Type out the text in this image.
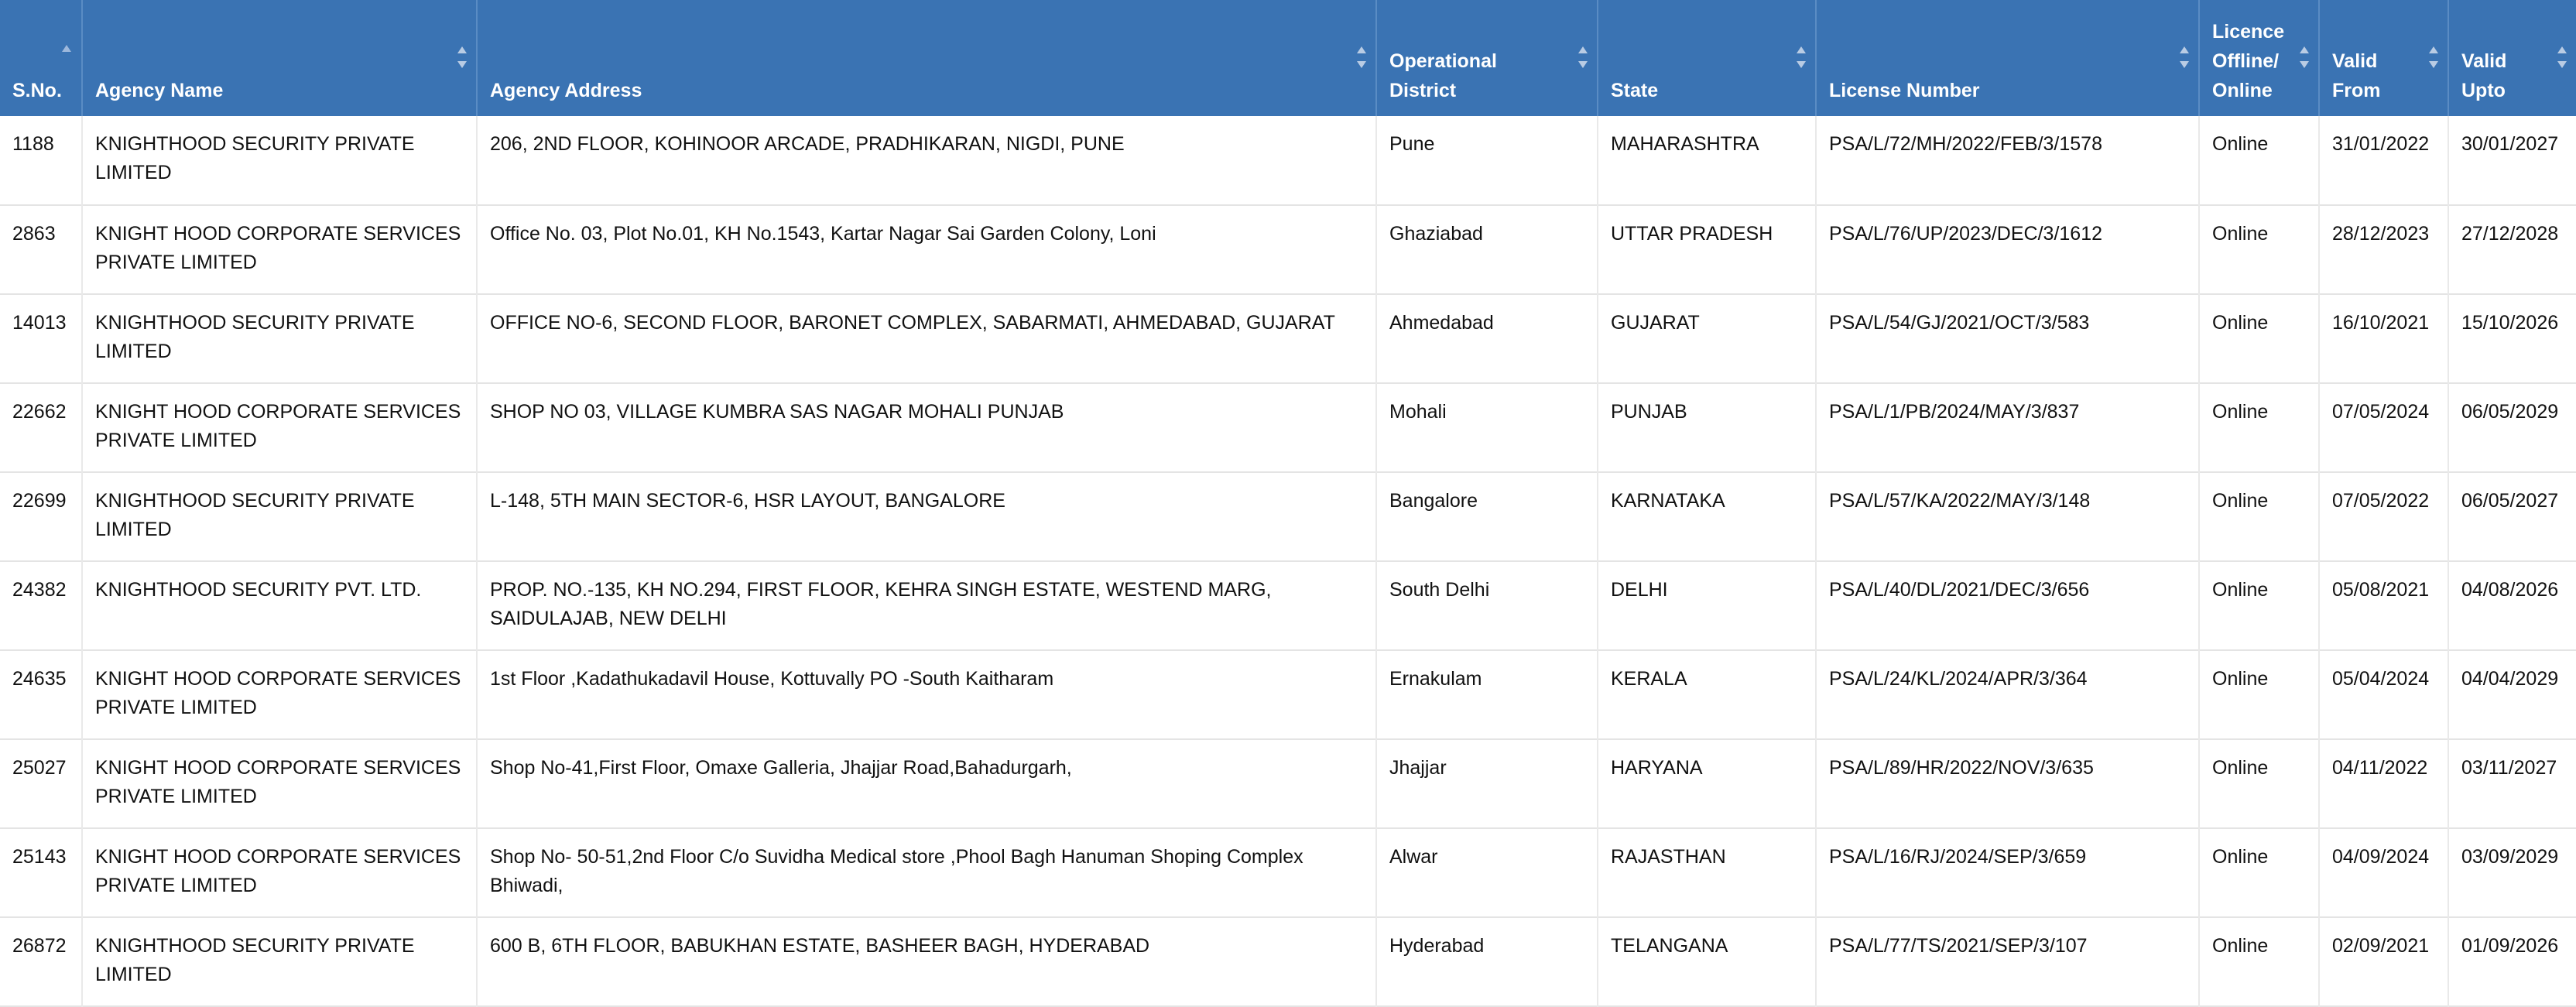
S.No.	Agency Name	Agency Address	Operational District	State	License Number	Licence Offline/ Online	Valid From	Valid Upto

1188	KNIGHTHOOD SECURITY PRIVATE LIMITED	206, 2ND FLOOR, KOHINOOR ARCADE, PRADHIKARAN, NIGDI, PUNE	Pune	MAHARASHTRA	PSA/L/72/MH/2022/FEB/3/1578	Online	31/01/2022	30/01/2027
2863	KNIGHT HOOD CORPORATE SERVICES PRIVATE LIMITED	Office No. 03, Plot No.01, KH No.1543, Kartar Nagar Sai Garden Colony, Loni	Ghaziabad	UTTAR PRADESH	PSA/L/76/UP/2023/DEC/3/1612	Online	28/12/2023	27/12/2028
14013	KNIGHTHOOD SECURITY PRIVATE LIMITED	OFFICE NO-6, SECOND FLOOR, BARONET COMPLEX, SABARMATI, AHMEDABAD, GUJARAT	Ahmedabad	GUJARAT	PSA/L/54/GJ/2021/OCT/3/583	Online	16/10/2021	15/10/2026
22662	KNIGHT HOOD CORPORATE SERVICES PRIVATE LIMITED	SHOP NO 03, VILLAGE KUMBRA SAS NAGAR MOHALI PUNJAB	Mohali	PUNJAB	PSA/L/1/PB/2024/MAY/3/837	Online	07/05/2024	06/05/2029
22699	KNIGHTHOOD SECURITY PRIVATE LIMITED	L-148, 5TH MAIN SECTOR-6, HSR LAYOUT, BANGALORE	Bangalore	KARNATAKA	PSA/L/57/KA/2022/MAY/3/148	Online	07/05/2022	06/05/2027
24382	KNIGHTHOOD SECURITY PVT. LTD.	PROP. NO.-135, KH NO.294, FIRST FLOOR, KEHRA SINGH ESTATE, WESTEND MARG, SAIDULAJAB, NEW DELHI	South Delhi	DELHI	PSA/L/40/DL/2021/DEC/3/656	Online	05/08/2021	04/08/2026
24635	KNIGHT HOOD CORPORATE SERVICES PRIVATE LIMITED	1st Floor ,Kadathukadavil House, Kottuvally PO -South Kaitharam	Ernakulam	KERALA	PSA/L/24/KL/2024/APR/3/364	Online	05/04/2024	04/04/2029
25027	KNIGHT HOOD CORPORATE SERVICES PRIVATE LIMITED	Shop No-41,First Floor, Omaxe Galleria, Jhajjar Road,Bahadurgarh,	Jhajjar	HARYANA	PSA/L/89/HR/2022/NOV/3/635	Online	04/11/2022	03/11/2027
25143	KNIGHT HOOD CORPORATE SERVICES PRIVATE LIMITED	Shop No- 50-51,2nd Floor C/o Suvidha Medical store ,Phool Bagh Hanuman Shoping Complex Bhiwadi,	Alwar	RAJASTHAN	PSA/L/16/RJ/2024/SEP/3/659	Online	04/09/2024	03/09/2029
26872	KNIGHTHOOD SECURITY PRIVATE LIMITED	600 B, 6TH FLOOR, BABUKHAN ESTATE, BASHEER BAGH, HYDERABAD	Hyderabad	TELANGANA	PSA/L/77/TS/2021/SEP/3/107	Online	02/09/2021	01/09/2026
